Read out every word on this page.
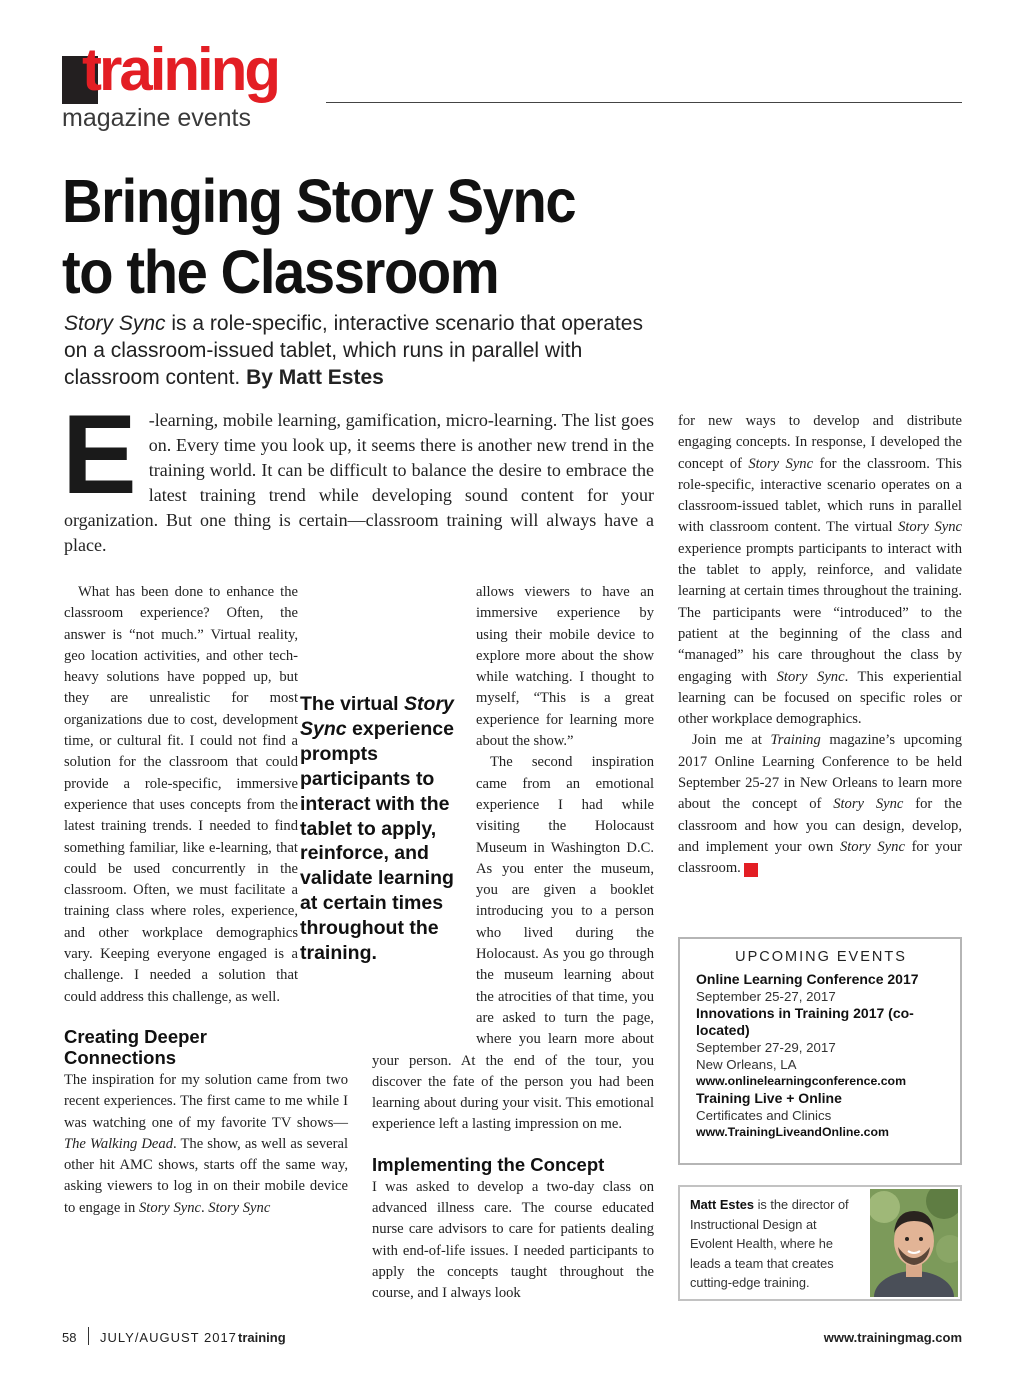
training
magazine events
Bringing Story Sync
to the Classroom
Story Sync is a role-specific, interactive scenario that operates on a classroom-issued tablet, which runs in parallel with classroom content. By Matt Estes
E -learning, mobile learning, gamification, micro-learning. The list goes on. Every time you look up, it seems there is another new trend in the training world. It can be difficult to balance the desire to embrace the latest training trend while developing sound content for your organization. But one thing is certain—classroom training will always have a place.

What has been done to enhance the classroom experience? Often, the answer is “not much.” Virtual reality, geo location activities, and other tech-heavy solutions have popped up, but they are unrealistic for most organizations due to cost, development time, or cultural fit. I could not find a solution for the classroom that could provide a role-specific, immersive experience that uses concepts from the latest training trends. I needed to find something familiar, like e-learning, that could be used concurrently in the classroom. Often, we must facilitate a training class where roles, experience, and other workplace demographics vary. Keeping everyone engaged is a challenge. I needed a solution that could address this challenge, as well.

Creating Deeper
Connections

The inspiration for my solution came from two recent experiences. The first came to me while I was watching one of my favorite TV shows—The Walking Dead. The show, as well as several other hit AMC shows, starts off the same way, asking viewers to log in on their mobile device to engage in Story Sync. Story Sync

allows viewers to have an immersive experience by using their mobile device to explore more about the show while watching. I thought to myself, “This is a great experience for learning more about the show.”

The second inspiration came from an emotional experience I had while visiting the Holocaust Museum in Washington D.C. As you enter the museum, you are given a booklet introducing you to a person who lived during the Holocaust. As you go through the museum learning about the atrocities of that time, you are asked to turn the page, where you learn more about your person. At the end of the tour, you discover the fate of the person you had been learning about during your visit. This emotional experience left a lasting impression on me.

Implementing the Concept

I was asked to develop a two-day class on advanced illness care. The course educated nurse care advisors to care for patients dealing with end-of-life issues. I needed participants to apply the concepts taught throughout the course, and I always look

The virtual Story Sync experience prompts participants to interact with the tablet to apply, reinforce, and validate learning at certain times throughout the training.

for new ways to develop and distribute engaging concepts. In response, I developed the concept of Story Sync for the classroom. This role-specific, interactive scenario operates on a classroom-issued tablet, which runs in parallel with classroom content. The virtual Story Sync experience prompts participants to interact with the tablet to apply, reinforce, and validate learning at certain times throughout the training. The participants were “introduced” to the patient at the beginning of the class and “managed” his care throughout the class by engaging with Story Sync. This experiential learning can be focused on specific roles or other workplace demographics.

Join me at Training magazine’s upcoming 2017 Online Learning Conference to be held September 25-27 in New Orleans to learn more about the concept of Story Sync for the classroom and how you can design, develop, and implement your own Story Sync for your classroom. t

UPCOMING EVENTS
Online Learning Conference 2017
September 25-27, 2017
Innovations in Training 2017 (co-located)
September 27-29, 2017
New Orleans, LA
www.onlinelearningconference.com
Training Live + Online
Certificates and Clinics
www.TrainingLiveandOnline.com
Matt Estes is the director of Instructional Design at Evolent Health, where he leads a team that creates cutting-edge training.
58 JULY/AUGUST 2017 training	www.trainingmag.com
